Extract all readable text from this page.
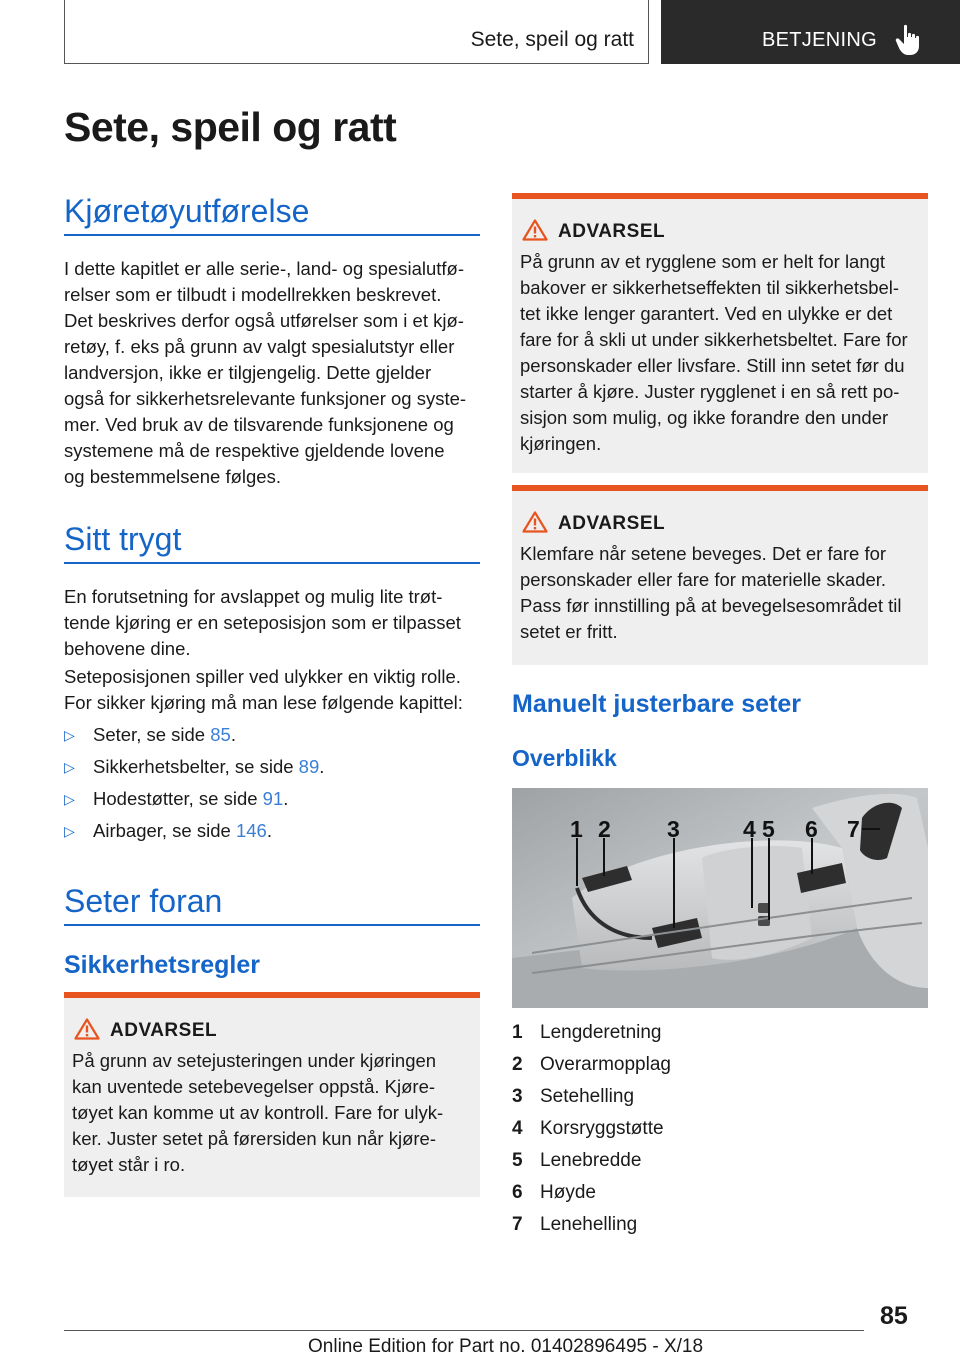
Sete, speil og ratt	BETJENING
Sete, speil og ratt
Kjøretøyutførelse

I dette kapitlet er alle serie-, land- og spesialutfø-

relser som er tilbudt i modellrekken beskrevet.

Det beskrives derfor også utførelser som i et kjø-

retøy, f. eks på grunn av valgt spesialutstyr eller

landversjon, ikke er tilgjengelig. Dette gjelder

også for sikkerhetsrelevante funksjoner og syste-

mer. Ved bruk av de tilsvarende funksjonene og

systemene må de respektive gjeldende lovene

og bestemmelsene følges.

Sitt trygt

En forutsetning for avslappet og mulig lite trøt-

tende kjøring er en seteposisjon som er tilpasset

behovene dine.

Seteposisjonen spiller ved ulykker en viktig rolle.

For sikker kjøring må man lese følgende kapittel:

▷ Seter, se side 85.
▷ Sikkerhetsbelter, se side 89.
▷ Hodestøtter, se side 91.
▷ Airbager, se side 146.
Seter foran
Sikkerhetsregler
ADVARSEL
På grunn av setejusteringen under kjøringen
kan uventede setebevegelser oppstå. Kjøre-
tøyet kan komme ut av kontroll. Fare for ulyk-
ker. Juster setet på førersiden kun når kjøre-
tøyet står i ro.
ADVARSEL
På grunn av et rygglene som er helt for langt
bakover er sikkerhetseffekten til sikkerhetsbel-
tet ikke lenger garantert. Ved en ulykke er det
fare for å skli ut under sikkerhetsbeltet. Fare for
personskader eller livsfare. Still inn setet før du
starter å kjøre. Juster rygglenet i en så rett po-
sisjon som mulig, og ikke forandre den under
kjøringen.
ADVARSEL
Klemfare når setene beveges. Det er fare for
personskader eller fare for materielle skader.
Pass før innstilling på at bevegelsesområdet til
setet er fritt.
Manuelt justerbare seter
Overblikk
1 2 3	4 5 6 7
1 Lengderetning
2 Overarmopplag
3 Setehelling
4 Korsryggstøtte
5 Lenebredde
6 Høyde
7 Lenehelling
85
Online Edition for Part no. 01402896495 - X/18
